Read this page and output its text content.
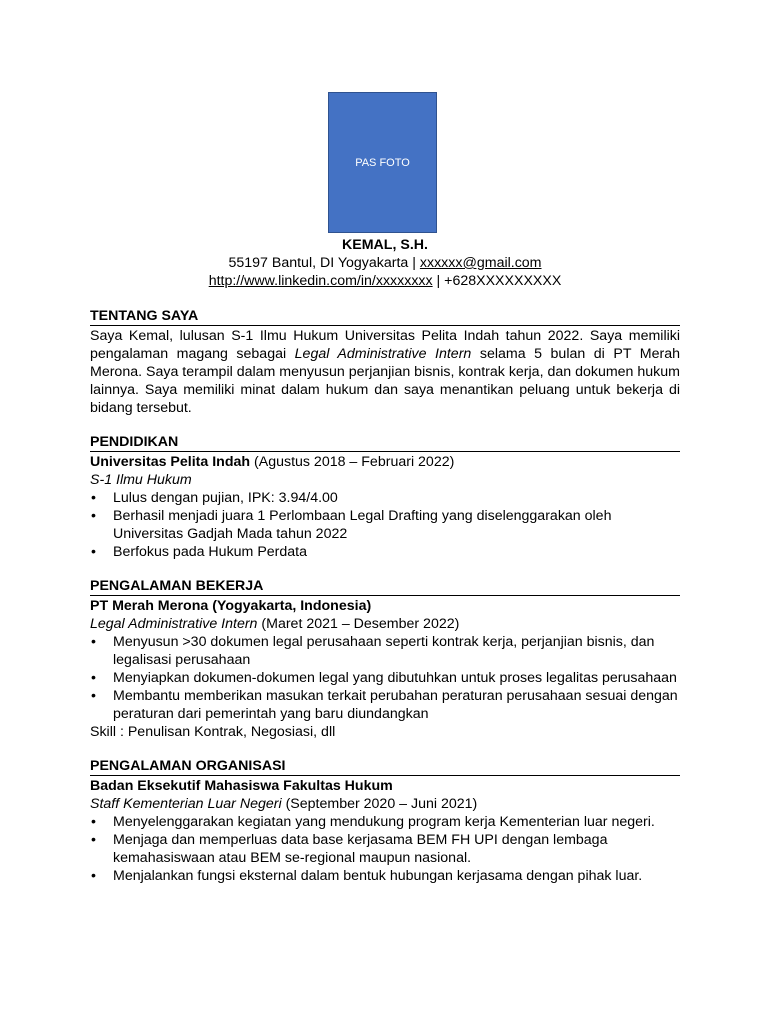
PAS FOTO
KEMAL, S.H.
55197 Bantul, DI Yogyakarta | xxxxxx@gmail.com
http://www.linkedin.com/in/xxxxxxxx | +628XXXXXXXXX
TENTANG SAYA
Saya Kemal, lulusan S-1 Ilmu Hukum Universitas Pelita Indah tahun 2022. Saya memiliki pengalaman magang sebagai Legal Administrative Intern selama 5 bulan di PT Merah Merona. Saya terampil dalam menyusun perjanjian bisnis, kontrak kerja, dan dokumen hukum lainnya. Saya memiliki minat dalam hukum dan saya menantikan peluang untuk bekerja di bidang tersebut.
PENDIDIKAN
Universitas Pelita Indah (Agustus 2018 – Februari 2022)
S-1 Ilmu Hukum
• Lulus dengan pujian, IPK: 3.94/4.00
• Berhasil menjadi juara 1 Perlombaan Legal Drafting yang diselenggarakan oleh Universitas Gadjah Mada tahun 2022
• Berfokus pada Hukum Perdata
PENGALAMAN BEKERJA
PT Merah Merona (Yogyakarta, Indonesia)
Legal Administrative Intern (Maret 2021 – Desember 2022)
• Menyusun >30 dokumen legal perusahaan seperti kontrak kerja, perjanjian bisnis, dan legalisasi perusahaan
• Menyiapkan dokumen-dokumen legal yang dibutuhkan untuk proses legalitas perusahaan
• Membantu memberikan masukan terkait perubahan peraturan perusahaan sesuai dengan peraturan dari pemerintah yang baru diundangkan
Skill : Penulisan Kontrak, Negosiasi, dll
PENGALAMAN ORGANISASI
Badan Eksekutif Mahasiswa Fakultas Hukum
Staff Kementerian Luar Negeri (September 2020 – Juni 2021)
• Menyelenggarakan kegiatan yang mendukung program kerja Kementerian luar negeri.
• Menjaga dan memperluas data base kerjasama BEM FH UPI dengan lembaga kemahasiswaan atau BEM se-regional maupun nasional.
• Menjalankan fungsi eksternal dalam bentuk hubungan kerjasama dengan pihak luar.
